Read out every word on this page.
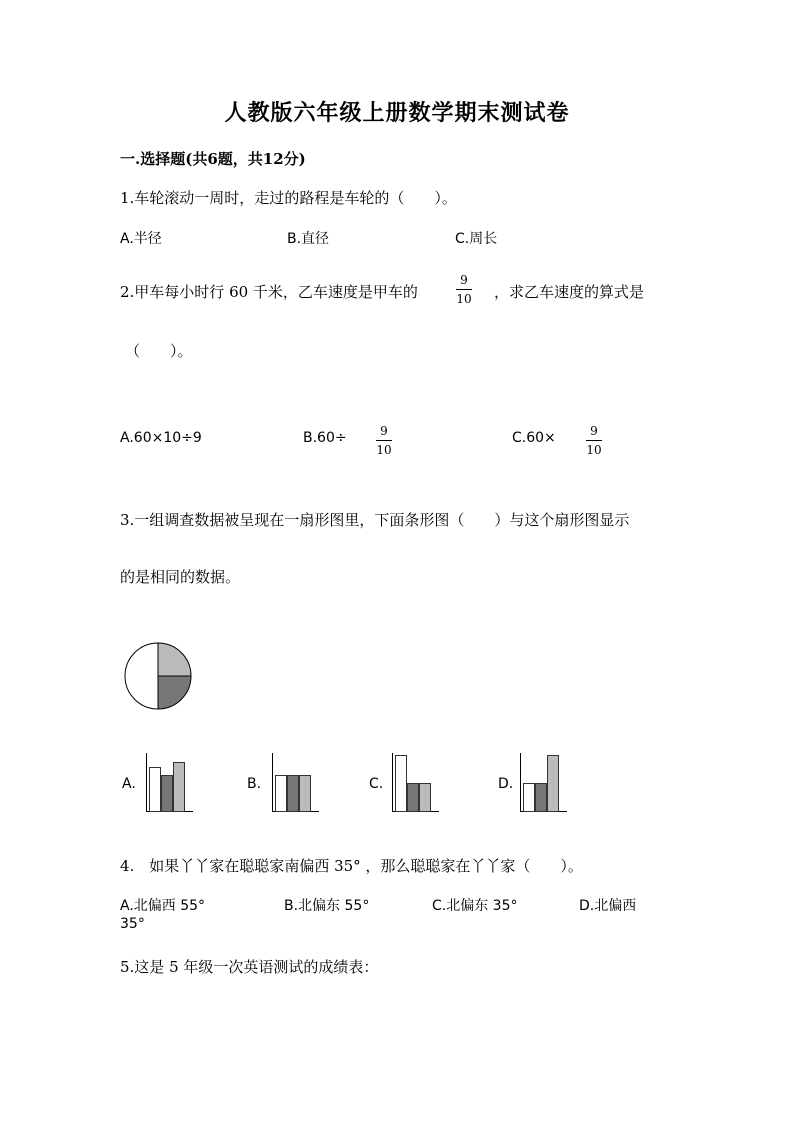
人教版六年级上册数学期末测试卷
一.选择题(共6题，共12分)
1.车轮滚动一周时，走过的路程是车轮的（　　）。
A.半径	B.直径	C.周长
2.甲车每小时行 60 千米，乙车速度是甲车的
9
10 ，求乙车速度的算式是
（　　）。
A.60×10÷9	B.60÷	9
10
C.60×	9
10
3.一组调查数据被呈现在一扇形图里，下面条形图（　　）与这个扇形图显示
的是相同的数据。
A.	B.	C.	D.
4.　如果丫丫家在聪聪家南偏西 35° ，那么聪聪家在丫丫家（　　）。
A.北偏西 55°	B.北偏东 55°	C.北偏东 35°	D.北偏西
35°
5.这是 5 年级一次英语测试的成绩表：
